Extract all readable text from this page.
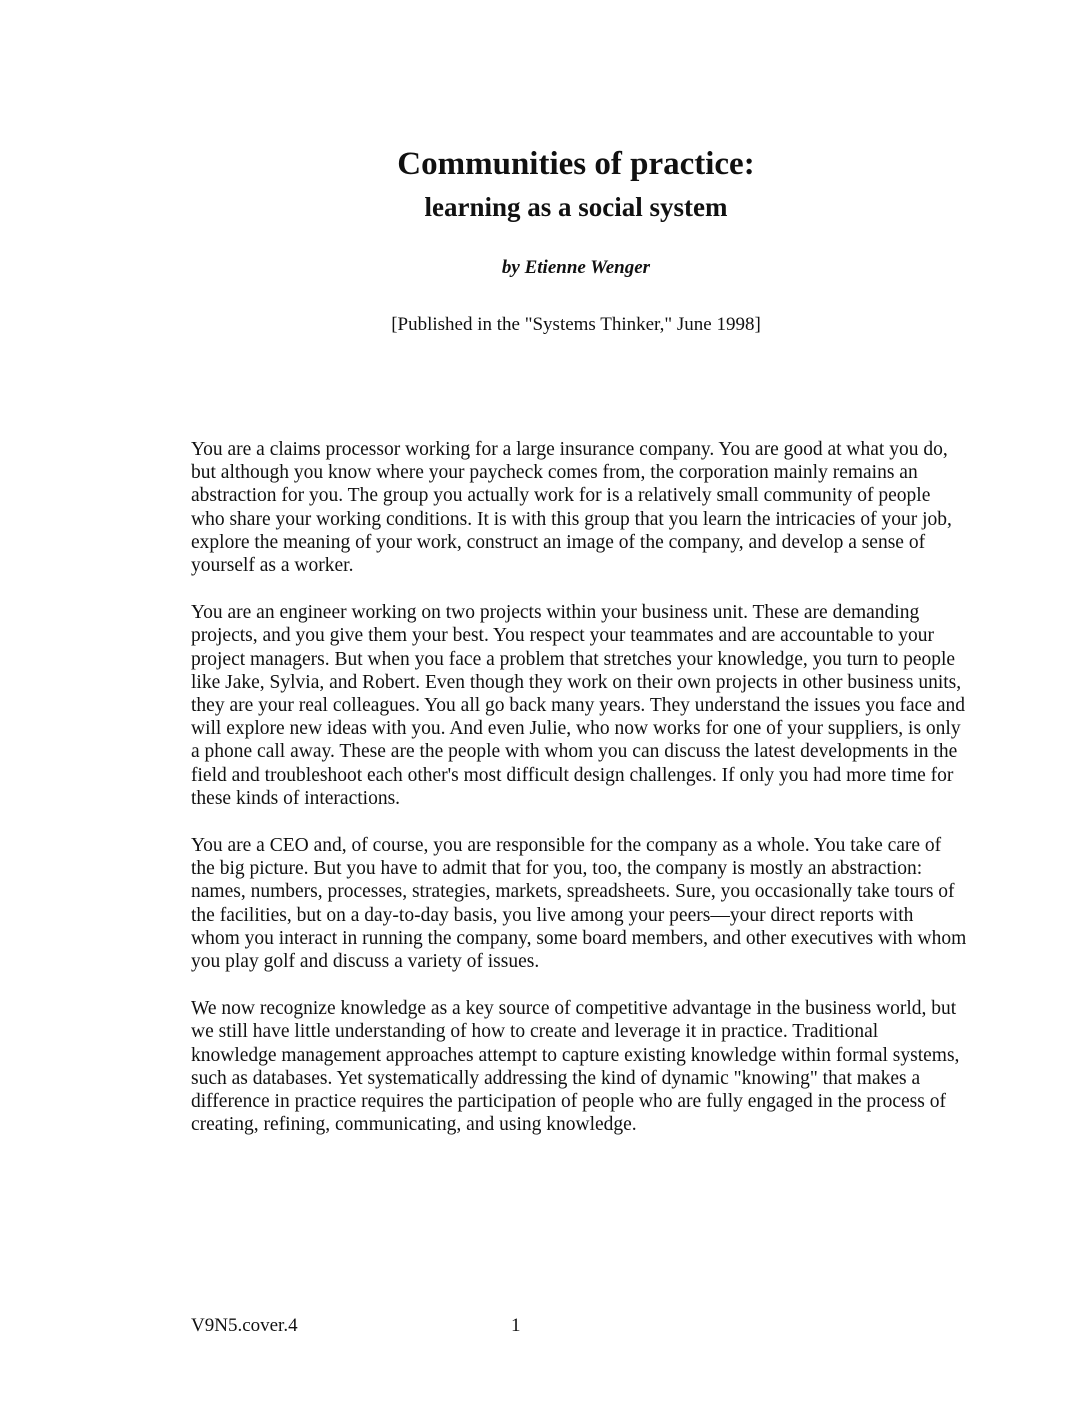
Communities of practice:
learning as a social system

by Etienne Wenger

[Published in the "Systems Thinker," June 1998]

You are a claims processor working for a large insurance company. You are good at what you do, but although you know where your paycheck comes from, the corporation mainly remains an abstraction for you. The group you actually work for is a relatively small community of people who share your working conditions. It is with this group that you learn the intricacies of your job, explore the meaning of your work, construct an image of the company, and develop a sense of yourself as a worker.

You are an engineer working on two projects within your business unit. These are demanding projects, and you give them your best. You respect your teammates and are accountable to your project managers. But when you face a problem that stretches your knowledge, you turn to people like Jake, Sylvia, and Robert. Even though they work on their own projects in other business units, they are your real colleagues. You all go back many years. They understand the issues you face and will explore new ideas with you. And even Julie, who now works for one of your suppliers, is only a phone call away. These are the people with whom you can discuss the latest developments in the field and troubleshoot each other's most difficult design challenges. If only you had more time for these kinds of interactions.

You are a CEO and, of course, you are responsible for the company as a whole. You take care of the big picture. But you have to admit that for you, too, the company is mostly an abstraction: names, numbers, processes, strategies, markets, spreadsheets. Sure, you occasionally take tours of the facilities, but on a day-to-day basis, you live among your peers—your direct reports with whom you interact in running the company, some board members, and other executives with whom you play golf and discuss a variety of issues.

We now recognize knowledge as a key source of competitive advantage in the business world, but we still have little understanding of how to create and leverage it in practice. Traditional knowledge management approaches attempt to capture existing knowledge within formal systems, such as databases. Yet systematically addressing the kind of dynamic "knowing" that makes a difference in practice requires the participation of people who are fully engaged in the process of creating, refining, communicating, and using knowledge.

V9N5.cover.4	1
